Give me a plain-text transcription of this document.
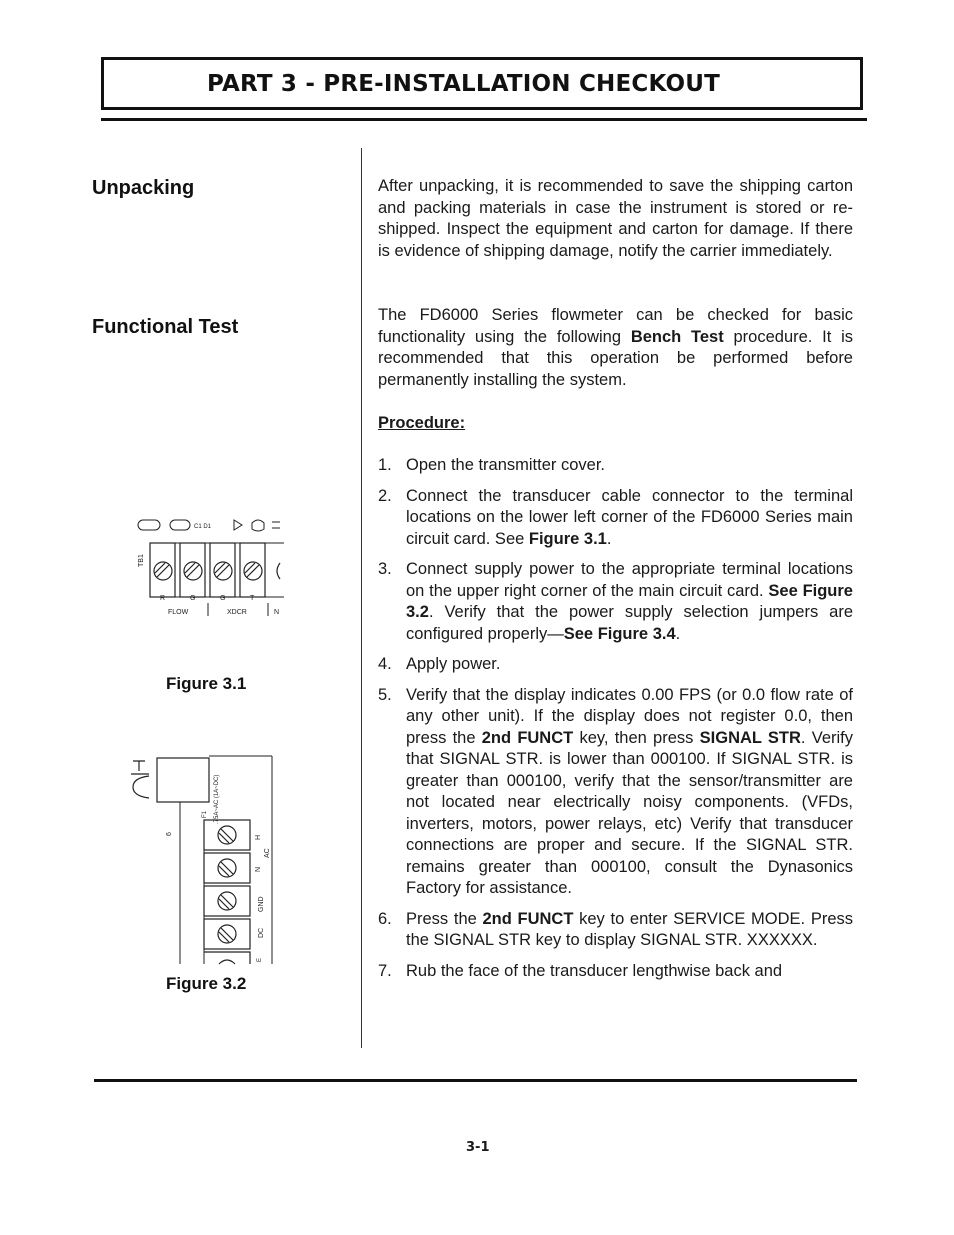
PART 3 - PRE-INSTALLATION CHECKOUT
Unpacking
Functional Test
C1 D1
TB1
R	G	G	T
FLOW	XDCR	N
Figure 3.1
.75A~AC (1A~DC)
F1
6
H
AC
N
GND
DC
E
Figure 3.2

After unpacking, it is recommended to save the shipping carton and packing materials in case the instrument is stored or re-shipped. Inspect the equipment and carton for damage. If there is evidence of shipping damage, notify the carrier immediately.

The FD6000 Series flowmeter can be checked for basic functionality using the following Bench Test procedure. It is recommended that this operation be performed before permanently installing the system.

Procedure:
1. Open the transmitter cover.
2. Connect the transducer cable connector to the terminal locations on the lower left corner of the FD6000 Series main circuit card. See Figure 3.1.
3. Connect supply power to the appropriate terminal locations on the upper right corner of the main circuit card. See Figure 3.2. Verify that the power supply selection jumpers are configured properly—See Figure 3.4.
4. Apply power.
5. Verify that the display indicates 0.00 FPS (or 0.0 flow rate of any other unit). If the display does not register 0.0, then press the 2nd FUNCT key, then press SIGNAL STR. Verify that SIGNAL STR. is lower than 000100. If SIGNAL STR. is greater than 000100, verify that the sensor/transmitter are not located near electrically noisy components. (VFDs, inverters, motors, power relays, etc) Verify that transducer connections are proper and secure. If the SIGNAL STR. remains greater than 000100, consult the Dynasonics Factory for assistance.
6. Press the 2nd FUNCT key to enter SERVICE MODE. Press the SIGNAL STR key to display SIGNAL STR. XXXXXX.
7. Rub the face of the transducer lengthwise back and
3-1
